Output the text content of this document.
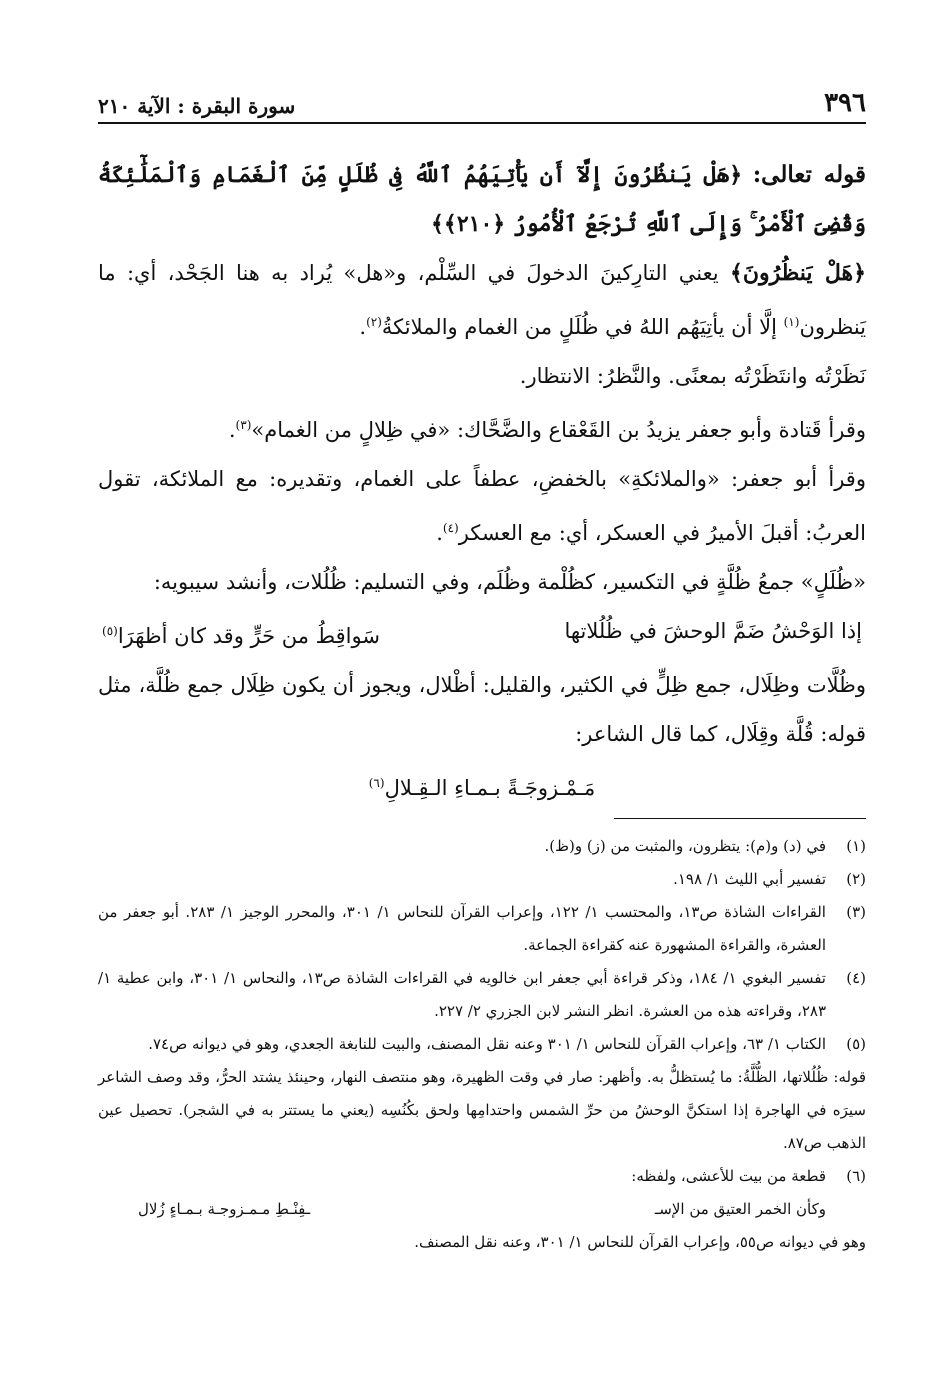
٣٩٦
سورة البقرة : الآية ٢١٠

قوله تعالى: ﴿هَلْ يَنظُرُونَ إِلَّآ أَن يَأْتِيَهُمُ ٱللَّهُ فِى ظُلَلٍ مِّنَ ٱلْغَمَامِ وَٱلْمَلَٰٓئِكَةُ وَقُضِىَ ٱلْأَمْرُ ۚ وَإِلَى ٱللَّهِ تُرْجَعُ ٱلْأُمُورُ ﴿٢١٠﴾﴾

﴿هَلْ يَنظُرُونَ﴾ يعني التارِكينَ الدخولَ في السِّلْم، و«هل» يُراد به هنا الجَحْد، أي: ما يَنظرون$^{(١)}$ إلَّا أن يأتِيَهُم اللهُ في ظُلَلٍ من الغمام والملائكةُ$^{(٢)}$.

نَظَرْتُه وانتَظَرْتُه بمعنًى. والنَّظرُ: الانتظار.

وقرأ قَتادة وأبو جعفر يزيدُ بن القَعْقاع والضَّحَّاك: «في ظِلالٍ من الغمام»$^{(٣)}$.

وقرأ أبو جعفر: «والملائكةِ» بالخفضِ، عطفاً على الغمام، وتقديره: مع الملائكة، تقول العربُ: أقبلَ الأميرُ في العسكر، أي: مع العسكر$^{(٤)}$.

«ظُلَلٍ» جمعُ ظُلَّةٍ في التكسير، كظُلْمة وظُلَم، وفي التسليم: ظُلُلات، وأنشد سيبويه:

إذا الوَحْشُ ضَمَّ الوحشَ في ظُلُلاتها
سَواقِطُ من حَرٍّ وقد كان أظهَرَا$^{(٥)}$

وظُلَّات وظِلَال، جمع ظِلٍّ في الكثير، والقليل: أظْلال، ويجوز أن يكون ظِلَال جمع ظُلَّة، مثل قوله: قُلَّة وقِلَال، كما قال الشاعر:

مَـمْـزوجَـةً بـمـاءِ الـقِـلالِ$^{(٦)}$
(١)
في (د) و(م): يتظرون، والمثبت من (ز) و(ظ).
(٢)
تفسير أبي الليث ١/ ١٩٨.
(٣)
القراءات الشاذة ص١٣، والمحتسب ١/ ١٢٢، وإعراب القرآن للنحاس ١/ ٣٠١، والمحرر الوجيز ١/ ٢٨٣. أبو جعفر من العشرة، والقراءة المشهورة عنه كقراءة الجماعة.
(٤)
تفسير البغوي ١/ ١٨٤، وذكر قراءة أبي جعفر ابن خالويه في القراءات الشاذة ص١٣، والنحاس ١/ ٣٠١، وابن عطية ١/ ٢٨٣، وقراءته هذه من العشرة. انظر النشر لابن الجزري ٢/ ٢٢٧.
(٥)
الكتاب ١/ ٦٣، وإعراب القرآن للنحاس ١/ ٣٠١ وعنه نقل المصنف، والبيت للنابغة الجعدي، وهو في ديوانه ص٧٤.
قوله: ظُلُلاتها، الظُّلَّةُ: ما يُستظلُّ به. وأظهر: صار في وقت الظهيرة، وهو منتصف النهار، وحينئذ يشتد الحرُّ، وقد وصف الشاعر سيرَه في الهاجرة إذا استكنَّ الوحشُ من حرِّ الشمس واحتدامِها ولحق بكُنُسِه (يعني ما يستتر به في الشجر). تحصيل عين الذهب ص٨٧.
(٦)
قطعة من بيت للأعشى، ولفظه:
وكأن الخمر العتيق من الإسـ
ـفِنْـطِ مـمـزوجـة بـمـاءٍ زُلال
وهو في ديوانه ص٥٥، وإعراب القرآن للنحاس ١/ ٣٠١، وعنه نقل المصنف.
